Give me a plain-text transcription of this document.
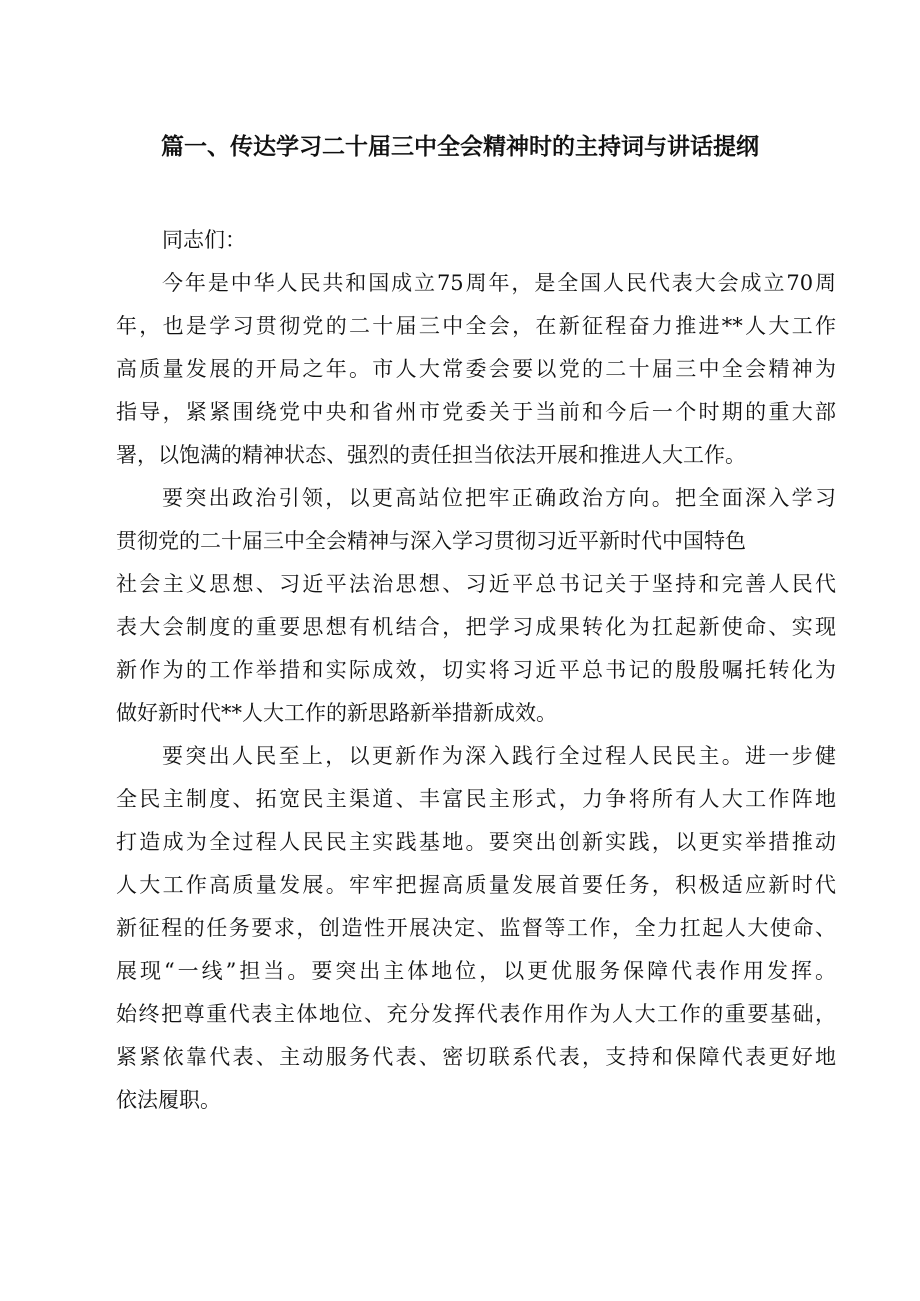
篇一、传达学习二十届三中全会精神时的主持词与讲话提纲

同志们：

今年是中华人民共和国成立75周年，是全国人民代表大会成立70周

年，也是学习贯彻党的二十届三中全会，在新征程奋力推进**人大工作

高质量发展的开局之年。市人大常委会要以党的二十届三中全会精神为

指导，紧紧围绕党中央和省州市党委关于当前和今后一个时期的重大部

署，以饱满的精神状态、强烈的责任担当依法开展和推进人大工作。

要突出政治引领，以更高站位把牢正确政治方向。把全面深入学习

贯彻党的二十届三中全会精神与深入学习贯彻习近平新时代中国特色

社会主义思想、习近平法治思想、习近平总书记关于坚持和完善人民代

表大会制度的重要思想有机结合，把学习成果转化为扛起新使命、实现

新作为的工作举措和实际成效，切实将习近平总书记的殷殷嘱托转化为

做好新时代**人大工作的新思路新举措新成效。

要突出人民至上，以更新作为深入践行全过程人民民主。进一步健

全民主制度、拓宽民主渠道、丰富民主形式，力争将所有人大工作阵地

打造成为全过程人民民主实践基地。要突出创新实践，以更实举措推动

人大工作高质量发展。牢牢把握高质量发展首要任务，积极适应新时代

新征程的任务要求，创造性开展决定、监督等工作，全力扛起人大使命、

展现“一线”担当。要突出主体地位，以更优服务保障代表作用发挥。

始终把尊重代表主体地位、充分发挥代表作用作为人大工作的重要基础，

紧紧依靠代表、主动服务代表、密切联系代表，支持和保障代表更好地

依法履职。
